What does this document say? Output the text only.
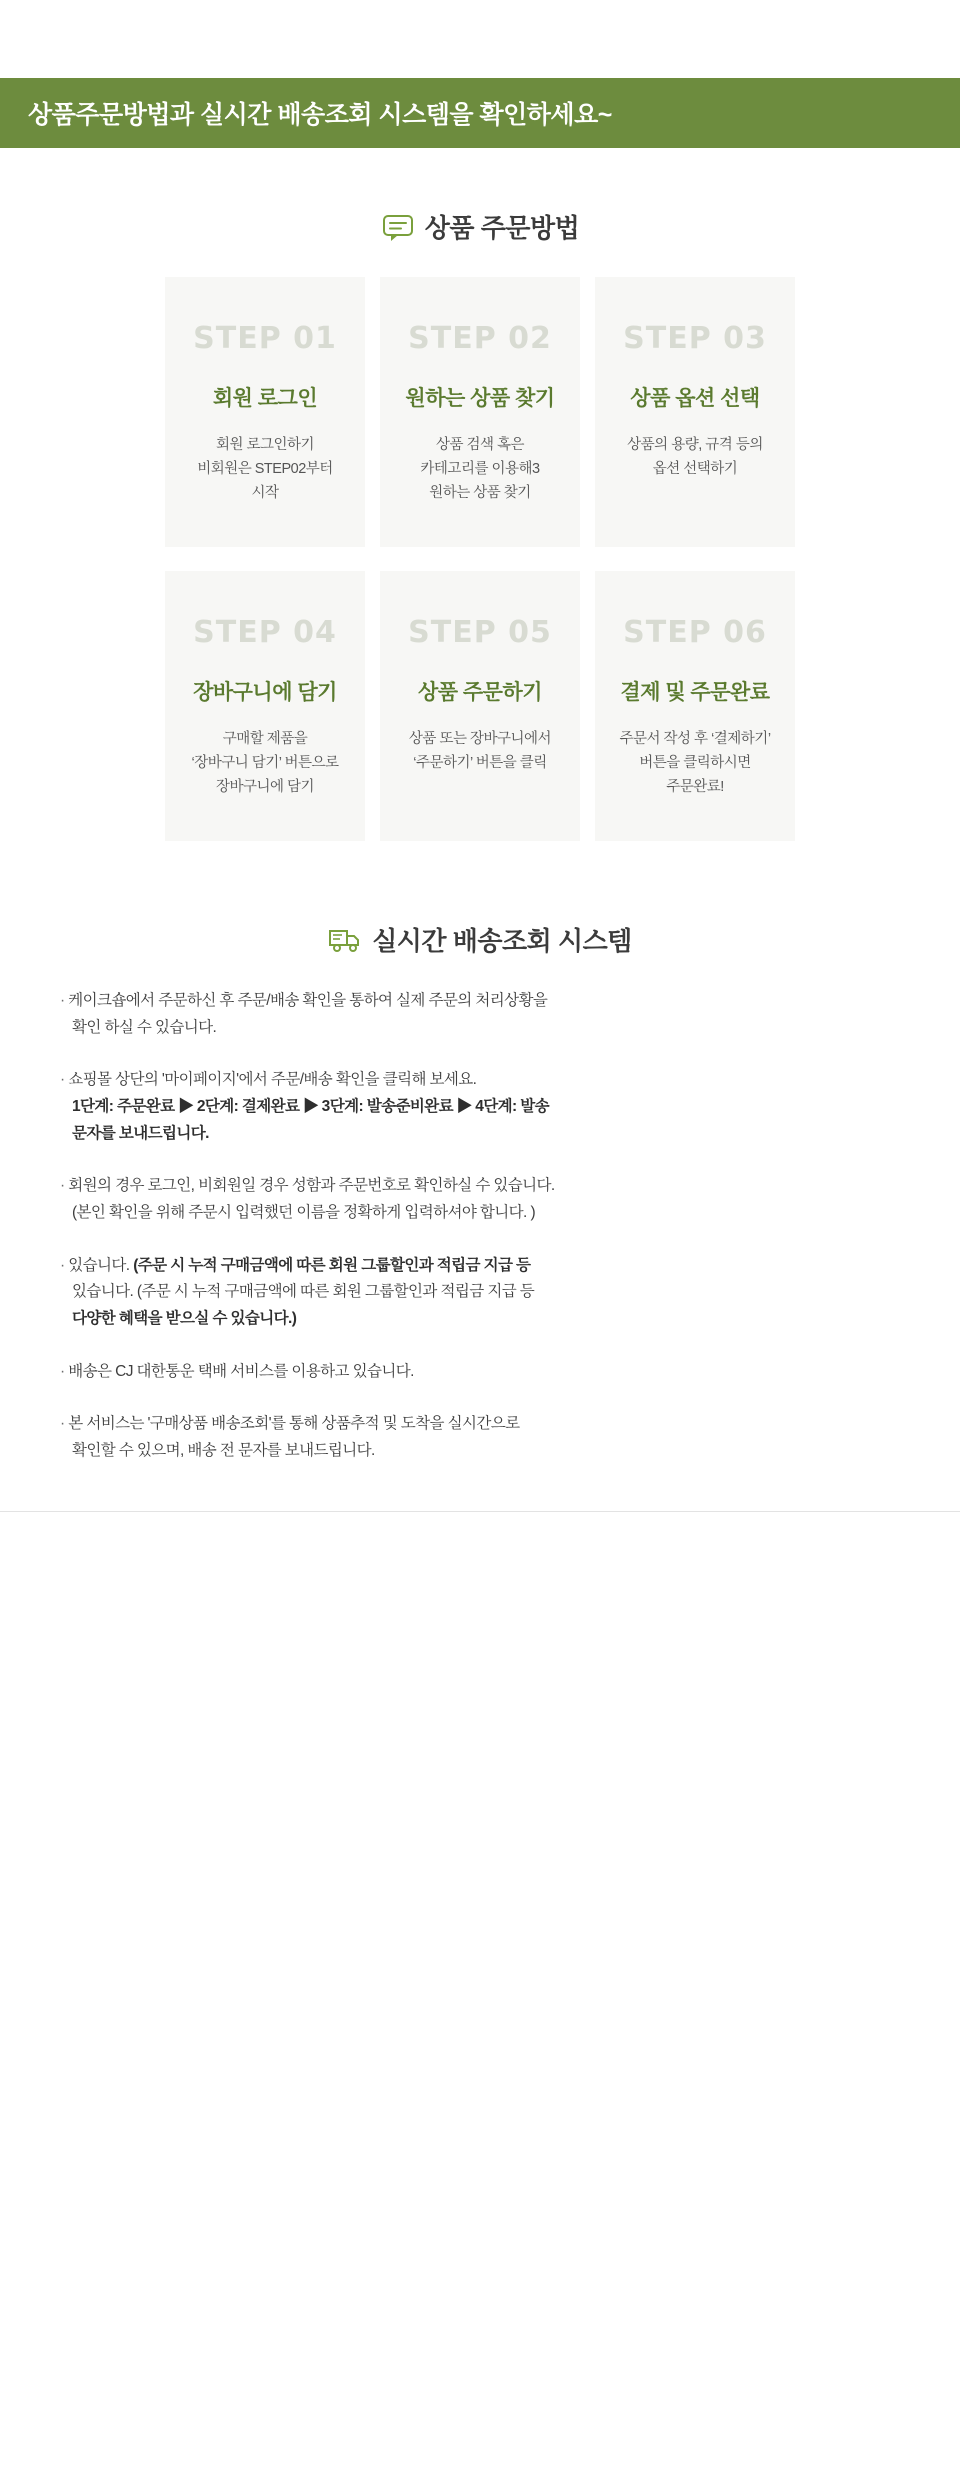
상품주문방법과 실시간 배송조회 시스템을 확인하세요~
상품 주문방법
STEP 01
회원 로그인
회원 로그인하기
비회원은 STEP02부터
시작
STEP 02
원하는 상품 찾기
상품 검색 혹은
카테고리를 이용해3
원하는 상품 찾기
STEP 03
상품 옵션 선택
상품의 용량, 규격 등의
옵션 선택하기
STEP 04
장바구니에 담기
구매할 제품을
‘장바구니 담기’ 버튼으로
장바구니에 담기
STEP 05
상품 주문하기
상품 또는 장바구니에서
‘주문하기’ 버튼을 클릭
STEP 06
결제 및 주문완료
주문서 작성 후 ‘결제하기’
버튼을 클릭하시면
주문완료!
실시간 배송조회 시스템
· 케이크숍에서 주문하신 후 주문/배송 확인을 통하여 실제 주문의 처리상황을
확인 하실 수 있습니다.
· 쇼핑몰 상단의 '마이페이지'에서 주문/배송 확인을 클릭해 보세요.
1단계: 주문완료 ▶ 2단계: 결제완료 ▶ 3단계: 발송준비완료 ▶ 4단계: 발송
문자를 보내드립니다.
· 회원의 경우 로그인, 비회원일 경우 성함과 주문번호로 확인하실 수 있습니다.
(본인 확인을 위해 주문시 입력했던 이름을 정확하게 입력하셔야 합니다. )
· 있습니다. (주문 시 누적 구매금액에 따른 회원 그룹할인과 적립금 지급 등
있습니다. (주문 시 누적 구매금액에 따른 회원 그룹할인과 적립금 지급 등
다양한 혜택을 받으실 수 있습니다.)
· 배송은 CJ 대한통운 택배 서비스를 이용하고 있습니다.
· 본 서비스는 '구매상품 배송조회'를 통해 상품추적 및 도착을 실시간으로
확인할 수 있으며, 배송 전 문자를 보내드립니다.
